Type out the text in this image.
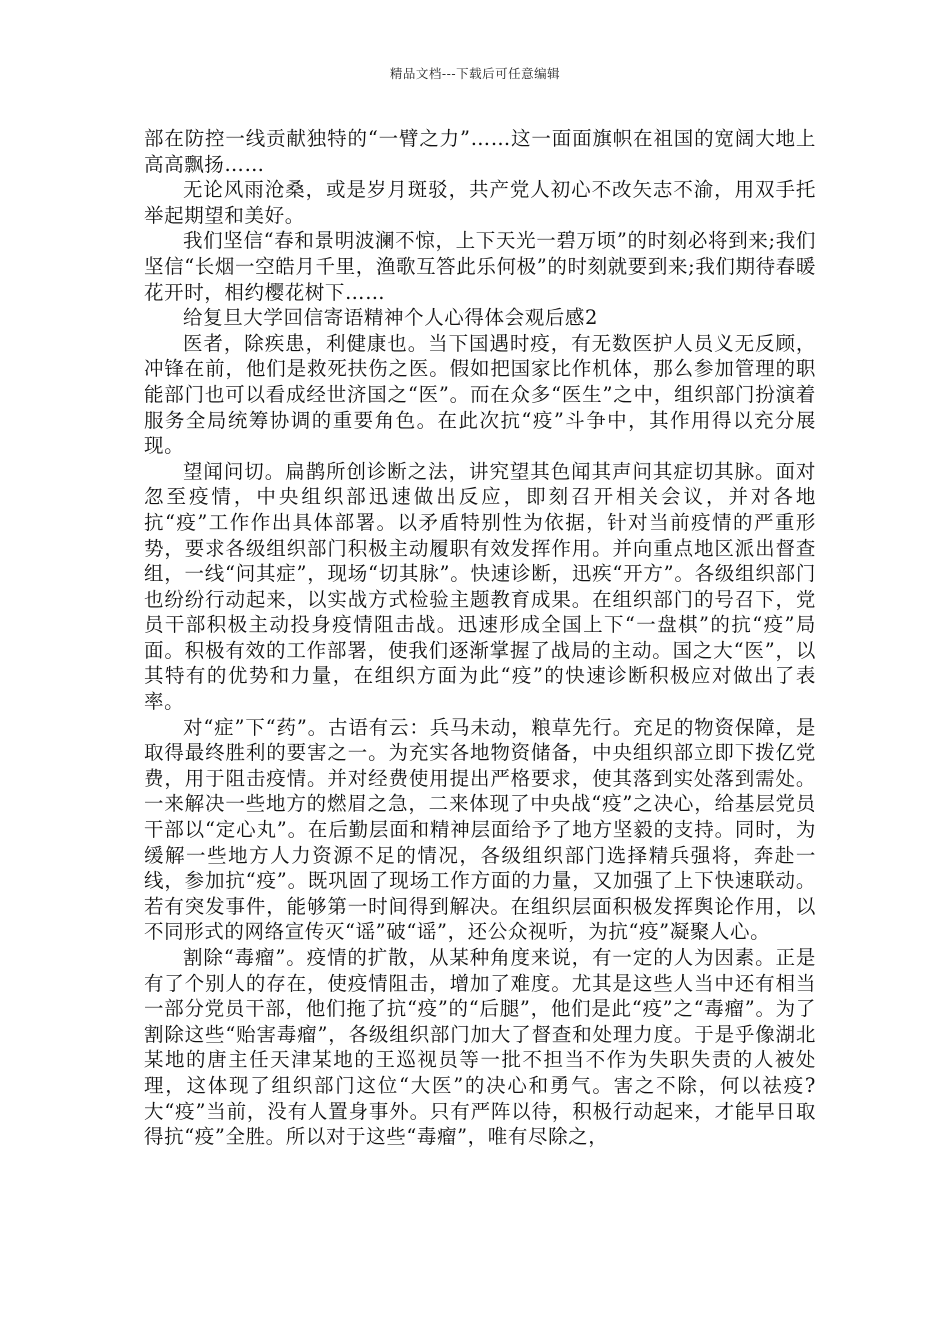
精品文档---下载后可任意编辑

部在防控一线贡献独特的“一臂之力”……这一面面旗帜在祖国的宽阔大地上高高飘扬……

无论风雨沧桑，或是岁月斑驳，共产党人初心不改矢志不渝，用双手托举起期望和美好。

我们坚信“春和景明波澜不惊，上下天光一碧万顷”的时刻必将到来;我们坚信“长烟一空皓月千里，渔歌互答此乐何极”的时刻就要到来;我们期待春暖花开时，相约樱花树下……

给复旦大学回信寄语精神个人心得体会观后感2

医者，除疾患，利健康也。当下国遇时疫，有无数医护人员义无反顾，冲锋在前，他们是救死扶伤之医。假如把国家比作机体，那么参加管理的职能部门也可以看成经世济国之“医”。而在众多“医生”之中，组织部门扮演着服务全局统筹协调的重要角色。在此次抗“疫”斗争中，其作用得以充分展现。

望闻问切。扁鹊所创诊断之法，讲究望其色闻其声问其症切其脉。面对忽至疫情，中央组织部迅速做出反应，即刻召开相关会议，并对各地抗“疫”工作作出具体部署。以矛盾特别性为依据，针对当前疫情的严重形势，要求各级组织部门积极主动履职有效发挥作用。并向重点地区派出督查组，一线“问其症”，现场“切其脉”。快速诊断，迅疾“开方”。各级组织部门也纷纷行动起来，以实战方式检验主题教育成果。在组织部门的号召下，党员干部积极主动投身疫情阻击战。迅速形成全国上下“一盘棋”的抗“疫”局面。积极有效的工作部署，使我们逐渐掌握了战局的主动。国之大“医”，以其特有的优势和力量，在组织方面为此“疫”的快速诊断积极应对做出了表率。

对“症”下“药”。古语有云：兵马未动，粮草先行。充足的物资保障，是取得最终胜利的要害之一。为充实各地物资储备，中央组织部立即下拨亿党费，用于阻击疫情。并对经费使用提出严格要求，使其落到实处落到需处。一来解决一些地方的燃眉之急，二来体现了中央战“疫”之决心，给基层党员干部以“定心丸”。在后勤层面和精神层面给予了地方坚毅的支持。同时，为缓解一些地方人力资源不足的情况，各级组织部门选择精兵强将，奔赴一线，参加抗“疫”。既巩固了现场工作方面的力量，又加强了上下快速联动。若有突发事件，能够第一时间得到解决。在组织层面积极发挥舆论作用，以不同形式的网络宣传灭“谣”破“谣”，还公众视听，为抗“疫”凝聚人心。

割除“毒瘤”。疫情的扩散，从某种角度来说，有一定的人为因素。正是有了个别人的存在，使疫情阻击，增加了难度。尤其是这些人当中还有相当一部分党员干部，他们拖了抗“疫”的“后腿”，他们是此“疫”之“毒瘤”。为了割除这些“贻害毒瘤”，各级组织部门加大了督查和处理力度。于是乎像湖北某地的唐主任天津某地的王巡视员等一批不担当不作为失职失责的人被处理，这体现了组织部门这位“大医”的决心和勇气。害之不除，何以祛疫?大“疫”当前，没有人置身事外。只有严阵以待，积极行动起来，才能早日取得抗“疫”全胜。所以对于这些“毒瘤”，唯有尽除之，
